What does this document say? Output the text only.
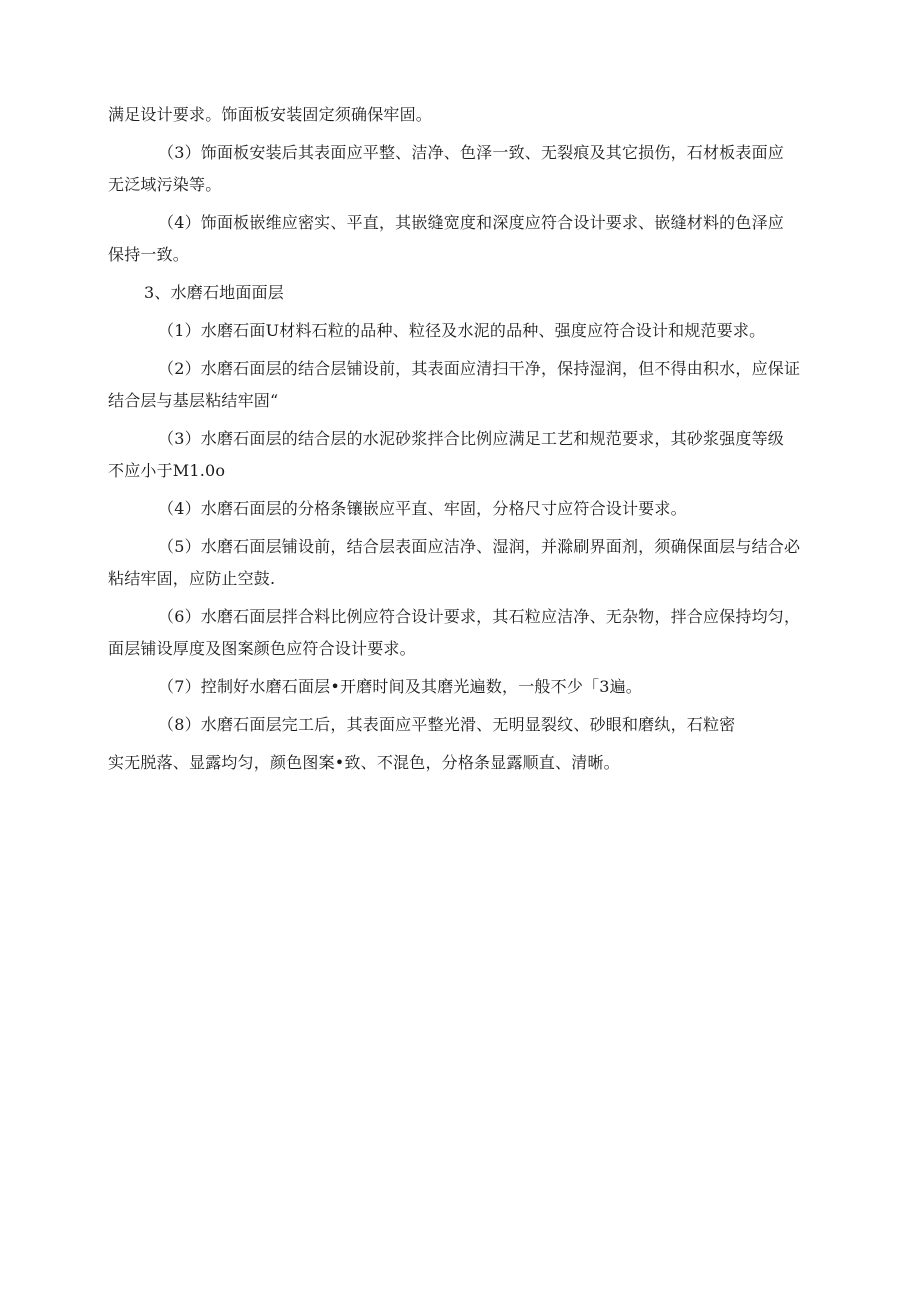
满足设计要求。饰面板安装固定须确保牢固。
（3）饰面板安装后其表面应平整、洁净、色泽一致、无裂痕及其它损伤，石材板表面应
无泛域污染等。
（4）饰面板嵌维应密实、平直，其嵌缝宽度和深度应符合设计要求、嵌缝材料的色泽应
保持一致。
3、水磨石地面面层
（1）水磨石面U材料石粒的品种、粒径及水泥的品种、强度应符合设计和规范要求。
（2）水磨石面层的结合层铺设前，其表面应清扫干净，保持湿润，但不得由积水，应保证
结合层与基层粘结牢固“
（3）水磨石面层的结合层的水泥砂浆拌合比例应满足工艺和规范要求，其砂浆强度等级
不应小于M1.0o
（4）水磨石面层的分格条镶嵌应平直、牢固，分格尺寸应符合设计要求。
（5）水磨石面层铺设前，结合层表面应洁净、湿润，并滁刷界面剂，须确保面层与结合必
粘结牢固，应防止空鼓.
（6）水磨石面层拌合料比例应符合设计要求，其石粒应洁净、无杂物，拌合应保持均匀，
面层铺设厚度及图案颜色应符合设计要求。
（7）控制好水磨石面层•开磨时间及其磨光遍数，一般不少「3遍。
（8）水磨石面层完工后，其表面应平整光滑、无明显裂纹、砂眼和磨纨，石粒密
实无脱落、显露均匀，颜色图案•致、不混色，分格条显露顺直、清晰。
